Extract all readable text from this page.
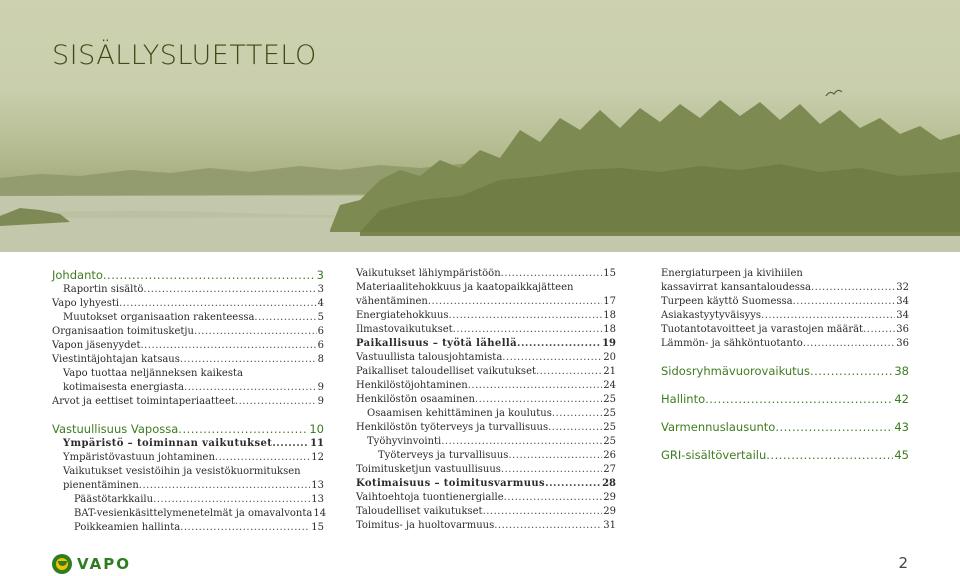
SISÄLLYSLUETTELO
Johdanto .....	3
Raportin sisältö .....	3
Vapo lyhyesti .....	4
Muutokset organisaation rakenteessa .....	5
Organisaation toimitusketju .....	6
Vapon jäsenyydet .....	6
Viestintäjohtajan katsaus .....	8
Vapo tuottaa neljänneksen kaikesta
kotimaisesta energiasta .....	9
Arvot ja eettiset toimintaperiaatteet .....	9
Vastuullisuus Vapossa .....	10
Ympäristö – toiminnan vaikutukset .....	11
Ympäristövastuun johtaminen .....	12
Vaikutukset vesistöihin ja vesistökuormituksen
pienentäminen .....	13
Päästötarkkailu .....	13
BAT-vesienkäsittelymenetelmät ja omavalvonta 14
Poikkeamien hallinta .....	15
Vaikutukset lähiympäristöön .....	15
Materiaalitehokkuus ja kaatopaikkajätteen
vähentäminen .....	17
Energiatehokkuus .....	18
Ilmastovaikutukset .....	18
Paikallisuus – työtä lähellä .....	19
Vastuullista talousjohtamista .....	20
Paikalliset taloudelliset vaikutukset .....	21
Henkilöstöjohtaminen .....	24
Henkilöstön osaaminen .....	25
Osaamisen kehittäminen ja koulutus .....	25
Henkilöstön työterveys ja turvallisuus .....	25
Työhyvinvointi .....	25
Työterveys ja turvallisuus .....	26
Toimitusketjun vastuullisuus .....	27
Kotimaisuus – toimitusvarmuus .....	28
Vaihtoehtoja tuontienergialle .....	29
Taloudelliset vaikutukset .....	29
Toimitus- ja huoltovarmuus .....	31
Energiaturpeen ja kivihiilen
kassavirrat kansantaloudessa .....	32
Turpeen käyttö Suomessa .....	34
Asiakastyytyväisyys .....	34
Tuotantotavoitteet ja varastojen määrät .....	36
Lämmön- ja sähköntuotanto .....	36
Sidosryhmävuorovaikutus .....	38
Hallinto .....	42
Varmennuslausunto .....	43
GRI-sisältövertailu .....	45
VAPO	2
